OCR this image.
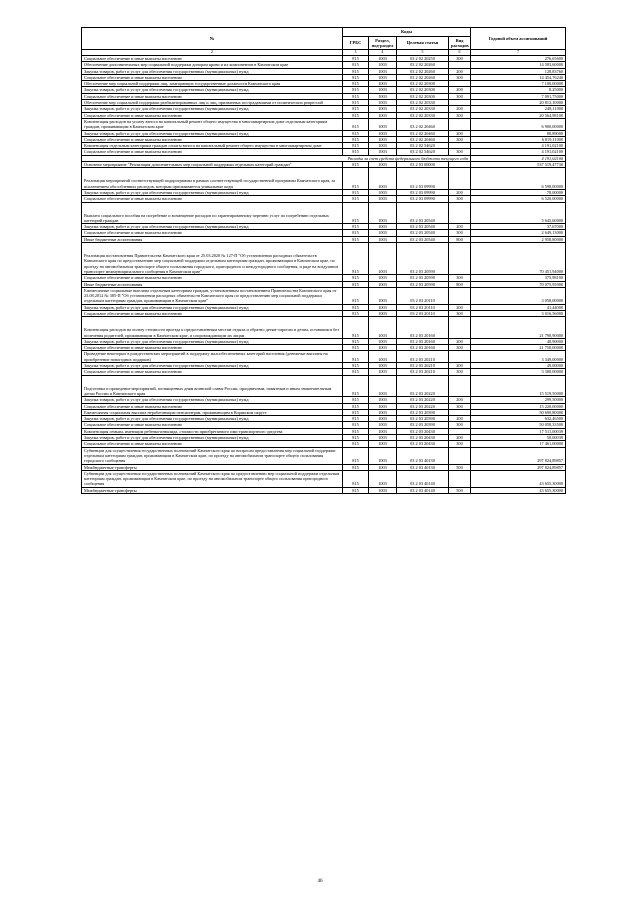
№	Коды				Годовой объем ассигнований
	ГРБС	Раздел, под-раздел	Целевая статья	Вид расходов	
2	3	4	5	6	7
Социальное обеспечение и иные выплаты населению	815	1003	03 2 02 20250	300	276,65600
Обеспечение дополнительных мер социальной поддержки донорам крови и их компонентов в Камчатском крае	815	1003	03 2 02 20260		14 583,60000
Закупка товаров, работ и услуг для обеспечения государственных (муниципальных) нужд	815	1003	03 2 02 20260	200	128,83760
Социальное обеспечение и иные выплаты населению	815	1003	03 2 02 20260	300	14 454,76240
Обеспечение мер социальной поддержки лиц, замещающих государственные должности Камчатского края	815	1003	03 2 02 20300		7 100,00000
Закупка товаров, работ и услуг для обеспечения государственных (муниципальных) нужд	815	1003	03 2 02 20300	200	8,25000
Социальное обеспечение и иные выплаты населению	815	1003	03 2 02 20300	300	7 091,75000
Обеспечение мер социальной поддержки реабилитированных лиц и лиц, признанных пострадавшими от политических репрессий	815	1003	03 2 02 20330		20 813,10000
Закупка товаров, работ и услуг для обеспечения государственных (муниципальных) нужд	815	1003	03 2 02 20330	200	248,11900
Социальное обеспечение и иные выплаты населению	815	1003	03 2 02 20330	300	20 564,98100
Компенсация расходов на уплату взноса на капитальный ремонт общего имущества в многоквартирном доме отдельным категориям граждан, проживающим в Камчатском крае	815	1003	03 2 02 20460		6 900,00000
Закупка товаров, работ и услуг для обеспечения государственных (муниципальных) нужд	815	1003	03 2 02 20460	200	80,89000
Социальное обеспечение и иные выплаты населению	815	1003	03 2 02 20460	300	6 819,11000
Компенсация отдельным категориям граждан оплаты взноса на капитальный ремонт общего имущества в многоквартирном доме	815	1003	03 2 02 54620		4 191,02100
Социальное обеспечение и иные выплаты населению	815	1003	03 2 02 54620	300	4 191,02100
Расходы за счет средств федерального бюджета текущего года					4 191,02100
Основное мероприятие "Реализация дополнительных мер социальной поддержки отдельных категорий граждан"	815	1003	03 2 03 00000		537 519,47730
Реализация мероприятий соответствующей подпрограммы в рамках соответствующей государственной программы Камчатского края, за исключением обособленных расходов, которым присваиваются уникальные коды	815	1003	03 2 03 09990		6 598,00000
Закупка товаров, работ и услуг для обеспечения государственных (муниципальных) нужд	815	1003	03 2 03 09990	200	78,00000
Социальное обеспечение и иные выплаты населению	815	1003	03 2 03 09990	300	6 520,00000
Выплата социального пособия на погребение и возмещение расходов по гарантированному перечню услуг по погребению отдельных категорий граждан	815	1003	03 2 03 20540		5 645,60000
Закупка товаров, работ и услуг для обеспечения государственных (муниципальных) нужд	815	1003	03 2 03 20540	200	37,67000
Социальное обеспечение и иные выплаты населению	815	1003	03 2 03 20540	300	2 649,13000
Иные бюджетные ассигнования	815	1003	03 2 03 20540	800	2 958,80000
Реализация постановления Правительства Камчатского края от 25.03.2020 № 127-П "Об установлении расходных обязательств Камчатского края по предоставлению мер социальной поддержки отдельным категориям граждан, проживающим в Камчатском крае, по проезду на автомобильном транспорте общего пользования городского, пригородного и междугородного сообщения, и ряде на воздушном транспорте межмуниципального сообщения в Камчатском крае"	815	1003	03 2 03 20590		70 451,94000
Социальное обеспечение и иные выплаты населению	815	1003	03 2 03 20590	300	375,98100
Иные бюджетные ассигнования	815	1003	03 2 03 20590	800	70 075,95900
Ежемесячные социальные выплаты отдельным категориям граждан, установленным постановлением Правительства Камчатского края от 23.08.2012 № 385-П "Об установлении расходных обязательств Камчатского края по предоставлению мер социальной поддержки отдельным категориям граждан, проживающим в Камчатском крае"	815	1003	03 2 03 20110		3 058,00000
Закупка товаров, работ и услуг для обеспечения государственных (муниципальных) нужд	815	1003	03 2 03 20110	200	41,44000
Социальное обеспечение и иные выплаты населению	815	1003	03 2 03 20110	300	3 016,56000
Компенсация расходов на оплату стоимости проезда к предоставленным местам отдыха и обратно детям-сиротам и детям, оставшимся без попечения родителей, проживающим в Камчатском крае, и сопровождающим их лицам	815	1003	03 2 03 20160		21 790,90000
Закупка товаров, работ и услуг для обеспечения государственных (муниципальных) нужд	815	1003	03 2 03 20160	200	40,90000
Социальное обеспечение и иные выплаты населению	815	1003	03 2 03 20160	300	21 750,00000
Проведение некоторых в рождественских мероприятий в поддержку малообеспеченных категорий населения (денежные выплаты на приобретение новогодних подарков)	815	1003	03 2 03 20210		3 349,00000
Закупка товаров, работ и услуг для обеспечения государственных (муниципальных) нужд	815	1003	03 2 03 20210	200	49,00000
Социальное обеспечение и иные выплаты населению	815	1003	03 2 03 20210	300	3 300,00000
Подготовка и проведение мероприятий, посвященных дням воинской славы России, праздничным, памятным и иным знаменательным датам России и Камчатского края	815	1003	03 2 03 20220		15 519,50000
Закупка товаров, работ и услуг для обеспечения государственных (муниципальных) нужд	815	1003	03 2 03 20220	200	299,50000
Социальное обеспечение и иные выплаты населению	815	1003	03 2 03 20220	300	15 220,00000
Ежемесячная социальная выплата неработающим пенсионерам, проживающим в Корякском округе	815	1003	03 2 03 20390		50 690,80000
Закупка товаров, работ и услуг для обеспечения государственных (муниципальных) нужд	815	1003	03 2 03 20390	200	632,46500
Социальное обеспечение и иные выплаты населению	815	1003	03 2 03 20390	300	50 058,33500
Компенсация семьям, имеющим ребенка-инвалида, стоимости приобретаемого ими транспортного средства	815	1003	03 2 03 20430		17 511,00039
Закупка товаров, работ и услуг для обеспечения государственных (муниципальных) нужд	815	1003	03 2 03 20430	200	50,00039
Социальное обеспечение и иные выплаты населению	815	1003	03 2 03 20430	300	17 461,00000
Субвенции для осуществления государственных полномочий Камчатского края по вопросам предоставления мер социальной поддержки отдельным категориям граждан, проживающим в Камчатском крае, по проезду на автомобильном транспорте общего пользования городского сообщения	815	1003	03 2 03 40130		297 824,89857
Межбюджетные трансферты	815	1003	03 2 03 40130	500	297 824,89857
Субвенции для осуществления государственных полномочий Камчатского края по предоставлению мер социальной поддержки отдельным категориям граждан, проживающим в Камчатском крае, по проезду на автомобильном транспорте общего пользования пригородного сообщения	815	1003	03 2 03 40140		43 655,30000
Межбюджетные трансферты	815	1003	03 2 03 40140	500	43 655,30000
46
